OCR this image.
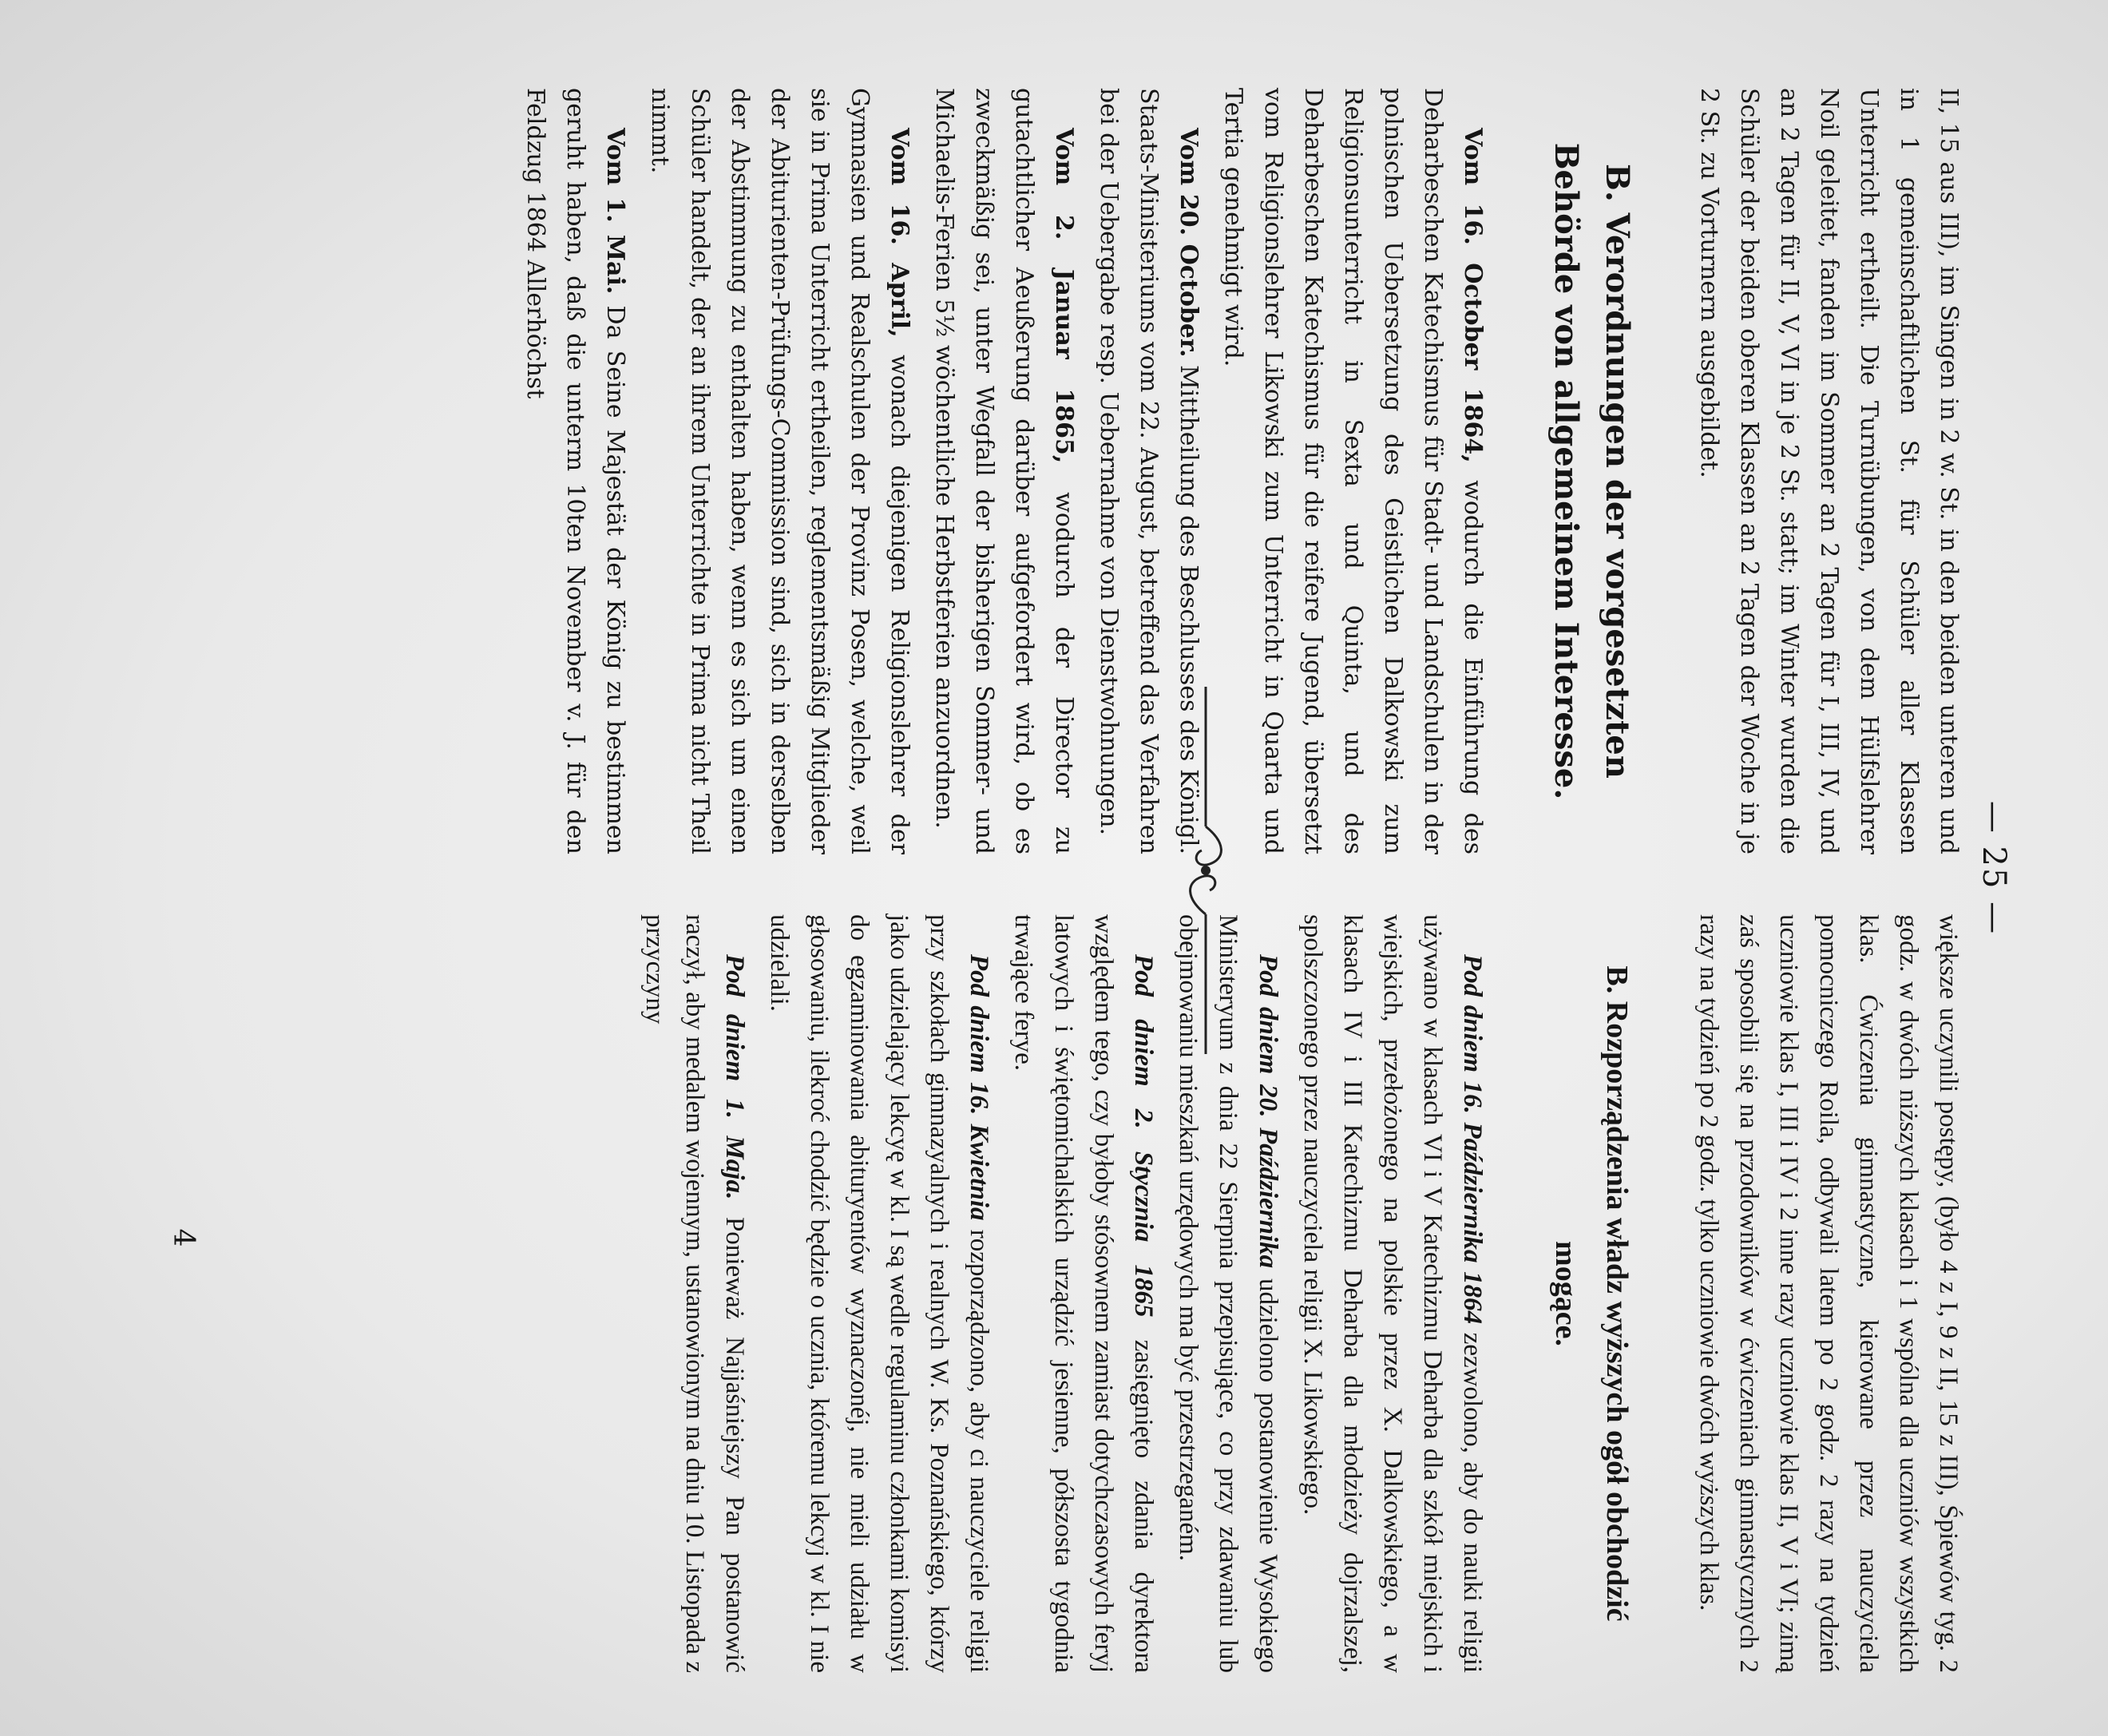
— 25 —

II, 15 aus III), im Singen in 2 w. St. in den beiden unteren und in 1 gemeinschaftlichen St. für Schüler aller Klassen Unterricht ertheilt. Die Turnübungen, von dem Hülfslehrer Noil geleitet, fanden im Sommer an 2 Tagen für I, III, IV, und an 2 Tagen für II, V, VI in je 2 St. statt; im Winter wurden die Schüler der beiden oberen Klassen an 2 Tagen der Woche in je 2 St. zu Vorturnern ausgebildet.

B. Verordnungen der vorgesetzten Behörde von allgemeinem Interesse.

Vom 16. October 1864, wodurch die Einführung des Deharbeschen Katechismus für Stadt- und Landschulen in der polnischen Uebersetzung des Geistlichen Dalkowski zum Religionsunterricht in Sexta und Quinta, und des Deharbeschen Katechismus für die reifere Jugend, übersetzt vom Religionslehrer Likowski zum Unterricht in Quarta und Tertia genehmigt wird.

Vom 20. October. Mittheilung des Beschlusses des Königl. Staats-Ministeriums vom 22. August, betreffend das Verfahren bei der Uebergabe resp. Uebernahme von Dienstwohnungen.

Vom 2. Januar 1865, wodurch der Director zu gutachtlicher Aeußerung darüber aufgefordert wird, ob es zweckmäßig sei, unter Wegfall der bisherigen Sommer- und Michaelis-Ferien 5½ wöchentliche Herbstferien anzuordnen.

Vom 16. April, wonach diejenigen Religionslehrer der Gymnasien und Realschulen der Provinz Posen, welche, weil sie in Prima Unterricht ertheilen, reglementsmäßig Mitglieder der Abiturienten-Prüfungs-Commission sind, sich in derselben der Abstimmung zu enthalten haben, wenn es sich um einen Schüler handelt, der an ihrem Unterrichte in Prima nicht Theil nimmt.

Vom 1. Mai. Da Seine Majestät der König zu bestimmen geruht haben, daß die unterm 10ten November v. J. für den Feldzug 1864 Allerhöchst

większe uczynili postępy, (było 4 z I, 9 z II, 15 z III), Śpiewów tyg. 2 godz. w dwóch niższych klasach i 1 wspólna dla uczniów wszystkich klas. Ćwiczenia gimnastyczne, kierowane przez nauczyciela pomocniczego Roila, odbywali latem po 2 godz. 2 razy na tydzień uczniowie klas I, III i IV i 2 inne razy uczniowie klas II, V i VI; zimą zaś sposobili się na przodowników w ćwiczeniach gimnastycznych 2 razy na tydzień po 2 godz. tylko uczniowie dwóch wyższych klas.

B. Rozporządzenia władz wyższych ogół obchodzić mogące.

Pod dniem 16. Października 1864 zezwolono, aby do nauki religii używano w klasach VI i V Katechizmu Deharba dla szkół miejskich i wiejskich, przełożonego na polskie przez X. Dalkowskiego, a w klasach IV i III Katechizmu Deharba dla młodzieży dojrzalszej, spolszczonego przez nauczyciela religii X. Likowskiego.

Pod dniem 20. Października udzielono postanowienie Wysokiego Ministeryum z dnia 22 Sierpnia przepisujące, co przy zdawaniu lub obejmowaniu mieszkań urzędowych ma być przestrzeganém.

Pod dniem 2. Stycznia 1865 zasięgnięto zdania dyrektora względem tego, czy byłoby stósownem zamiast dotychczasowych feryj latowych i świętomichalskich urządzić jesienne, półszosta tygodnia trwające ferye.

Pod dniem 16. Kwietnia rozporządzono, aby ci nauczyciele religii przy szkołach gimnazyalnych i realnych W. Ks. Poznańskiego, którzy jako udzielający lekcyę w kl. I są wedle regulaminu członkami komisyi do egzaminowania abituryentów wyznaczonéj, nie mieli udziału w głosowaniu, ilekroć chodzić będzie o ucznia, któremu lekcyj w kl. I nie udzielali.

Pod dniem 1. Maja. Ponieważ Najjaśniejszy Pan postanowić raczył, aby medalem wojennym, ustanowionym na dniu 10. Listopada z przyczyny

4
